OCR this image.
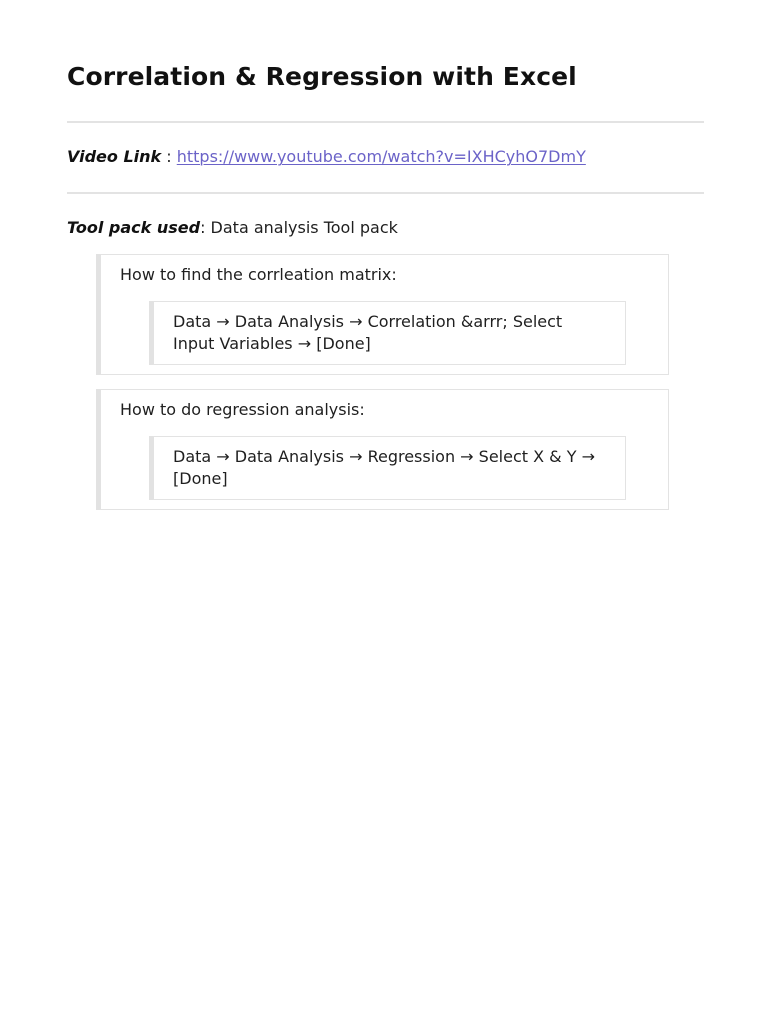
Correlation & Regression with Excel
Video Link : https://www.youtube.com/watch?v=IXHCyhO7DmY
Tool pack used: Data analysis Tool pack
How to find the corrleation matrix:
Data → Data Analysis → Correlation &arrr; Select Input Variables → [Done]
How to do regression analysis:
Data → Data Analysis → Regression → Select X & Y → [Done]
